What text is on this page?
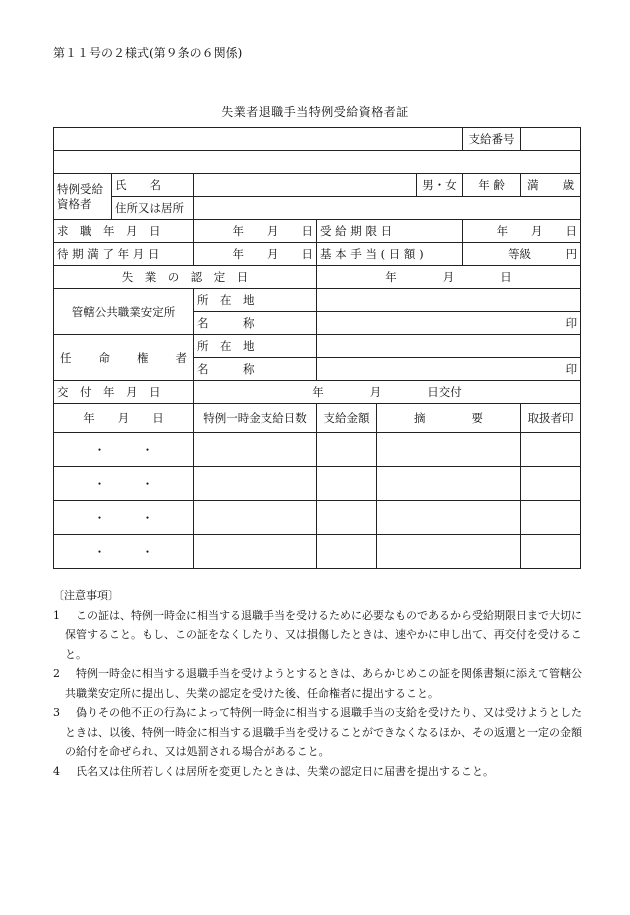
第１１号の２様式(第９条の６関係)
失業者退職手当特例受給資格者証
						支給番号	

特例受給資格者	氏　　名				男・女	年 齢	満　 歳
	住所又は居所						
求　職　年　月　日		年　　月　　日	受 給 期 限 日			年　　月　　日	
待 期 満 了 年 月 日		年　　月　　日	基 本 手 当 ( 日 額 )			等級　　　 円	
失　業　の　認　定　日			年　　　　月　　　　日				
管轄公共職業安定所		所　在　地					
		名　　　称	印				
任　命　権　者		所　在　地					
		名　　　称	印				
交　付　年　月　日		年　　　　月　　　　日交付					
年　　月　　日		特例一時金支給日数	支給金額	摘　　　　要			取扱者印
・ ・							
・ ・							
・ ・							
・ ・							
〔注意事項〕
1
　 この証は、特例一時金に相当する退職手当を受けるために必要なものであるから受給期限日まで大切に保管すること。もし、この証をなくしたり、又は損傷したときは、速やかに申し出て、再交付を受けること。
2
　 特例一時金に相当する退職手当を受けようとするときは、あらかじめこの証を関係書類に添えて管轄公共職業安定所に提出し、失業の認定を受けた後、任命権者に提出すること。
3
　 偽りその他不正の行為によって特例一時金に相当する退職手当の支給を受けたり、又は受けようとしたときは、以後、特例一時金に相当する退職手当を受けることができなくなるほか、その返還と一定の金額の給付を命ぜられ、又は処罰される場合があること。
4
　 氏名又は住所若しくは居所を変更したときは、失業の認定日に届書を提出すること。
